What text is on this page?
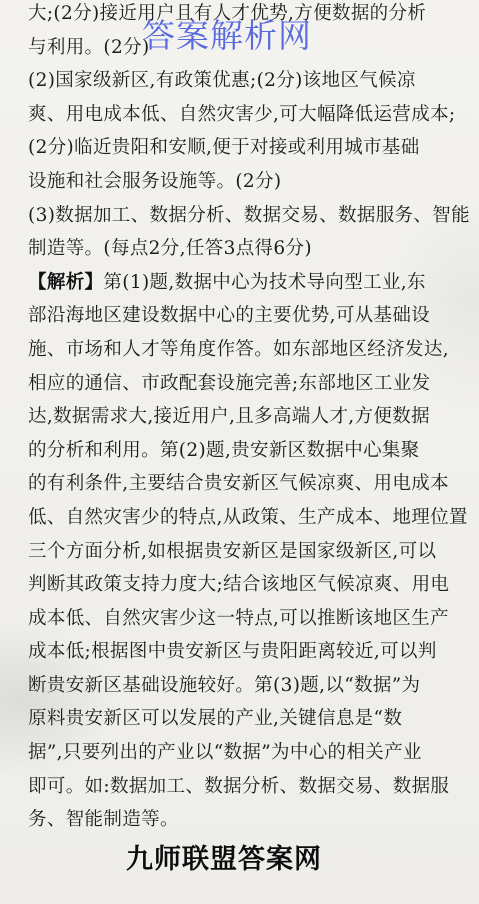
大;(2分)接近用户且有人才优势,方便数据的分析
与利用。(2分)
(2)国家级新区,有政策优惠;(2分)该地区气候凉
爽、用电成本低、自然灾害少,可大幅降低运营成本;
(2分)临近贵阳和安顺,便于对接或利用城市基础
设施和社会服务设施等。(2分)
(3)数据加工、数据分析、数据交易、数据服务、智能
制造等。(每点2分,任答3点得6分)
【解析】第(1)题,数据中心为技术导向型工业,东
部沿海地区建设数据中心的主要优势,可从基础设
施、市场和人才等角度作答。如东部地区经济发达,
相应的通信、市政配套设施完善;东部地区工业发
达,数据需求大,接近用户,且多高端人才,方便数据
的分析和利用。第(2)题,贵安新区数据中心集聚
的有利条件,主要结合贵安新区气候凉爽、用电成本
低、自然灾害少的特点,从政策、生产成本、地理位置
三个方面分析,如根据贵安新区是国家级新区,可以
判断其政策支持力度大;结合该地区气候凉爽、用电
成本低、自然灾害少这一特点,可以推断该地区生产
成本低;根据图中贵安新区与贵阳距离较近,可以判
断贵安新区基础设施较好。第(3)题,以“数据”为
原料贵安新区可以发展的产业,关键信息是“数
据”,只要列出的产业以“数据”为中心的相关产业
即可。如:数据加工、数据分析、数据交易、数据服
务、智能制造等。
答案解析网
九师联盟答案网
